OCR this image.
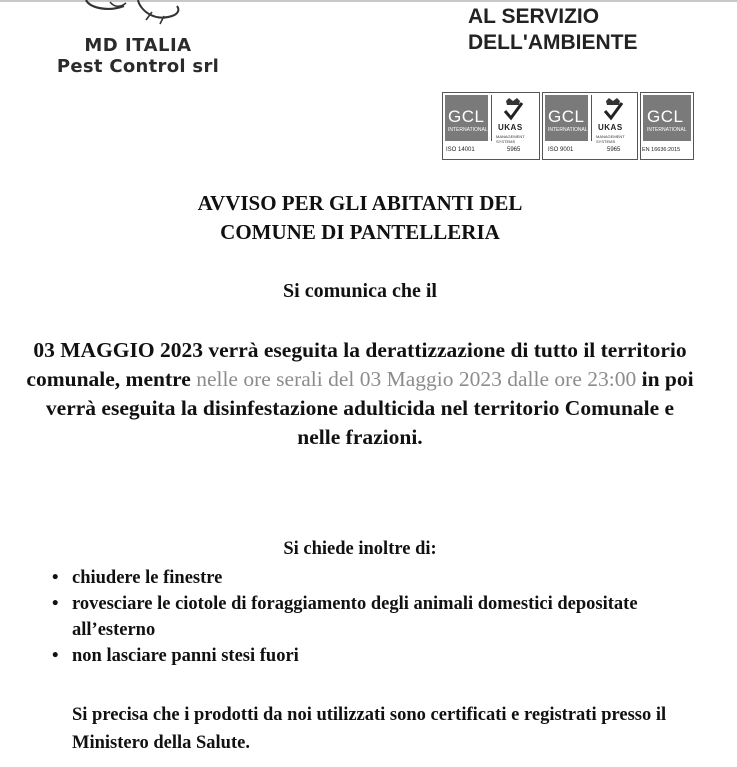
MD ITALIA
Pest Control srl
AL SERVIZIO
DELL'AMBIENTE
GCL
INTERNATIONAL UKAS
MANAGEMENT SYSTEMS
ISO 14001	5965
GCL
INTERNATIONAL UKAS
MANAGEMENT SYSTEMS
ISO 9001	5965
GCL
INTERNATIONAL
EN 16636:2015
AVVISO PER GLI ABITANTI DEL
COMUNE DI PANTELLERIA
Si comunica che il
03 MAGGIO 2023 verrà eseguita la derattizzazione di tutto il territorio comunale, mentre nelle ore serali del 03 Maggio 2023 dalle ore 23:00 in poi verrà eseguita la disinfestazione adulticida nel territorio Comunale e nelle frazioni.
Si chiede inoltre di:
• chiudere le finestre
• rovesciare le ciotole di foraggiamento degli animali domestici depositate all’esterno
• non lasciare panni stesi fuori
Si precisa che i prodotti da noi utilizzati sono certificati e registrati presso il Ministero della Salute.
